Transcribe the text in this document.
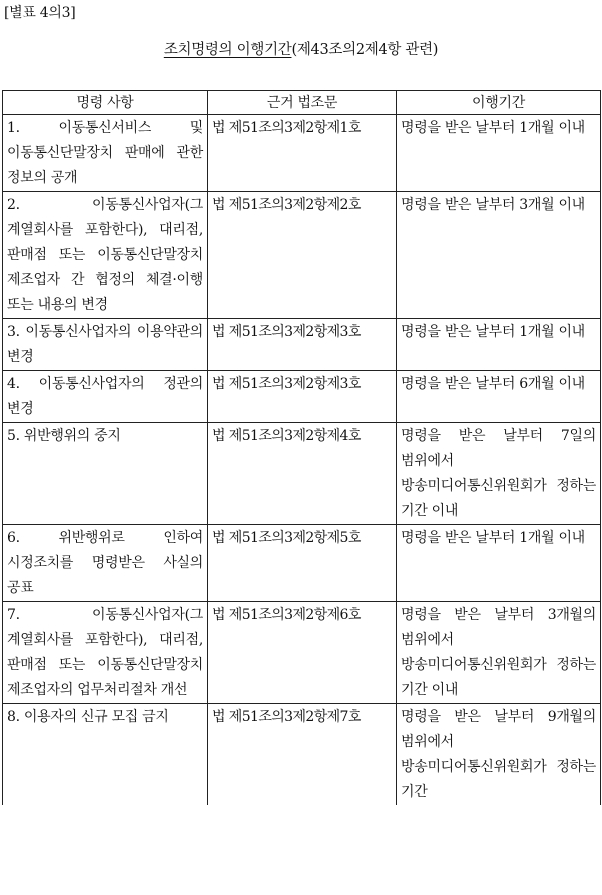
[별표 4의3]
조치명령의 이행기간(제43조의2제4항 관련)
명령 사항	근거 법조문	이행기간
1. 이동통신서비스 및 이동통신단말장치 판매에 관한 정보의 공개	법 제51조의3제2항제1호	명령을 받은 날부터 1개월 이내
2. 이동통신사업자(그 계열회사를 포함한다), 대리점, 판매점 또는 이동통신단말장치 제조업자 간 협정의 체결·이행 또는 내용의 변경	법 제51조의3제2항제2호	명령을 받은 날부터 3개월 이내
3. 이동통신사업자의 이용약관의 변경	법 제51조의3제2항제3호	명령을 받은 날부터 1개월 이내
4. 이동통신사업자의 정관의 변경	법 제51조의3제2항제3호	명령을 받은 날부터 6개월 이내
5. 위반행위의 중지	법 제51조의3제2항제4호	명령을 받은 날부터 7일의 범위에서 방송미디어통신위원회가 정하는 기간 이내
6. 위반행위로 인하여 시정조치를 명령받은 사실의 공표	법 제51조의3제2항제5호	명령을 받은 날부터 1개월 이내
7. 이동통신사업자(그 계열회사를 포함한다), 대리점, 판매점 또는 이동통신단말장치 제조업자의 업무처리절차 개선	법 제51조의3제2항제6호	명령을 받은 날부터 3개월의 범위에서 방송미디어통신위원회가 정하는 기간 이내
8. 이용자의 신규 모집 금지	법 제51조의3제2항제7호	명령을 받은 날부터 9개월의 범위에서 방송미디어통신위원회가 정하는 기간
